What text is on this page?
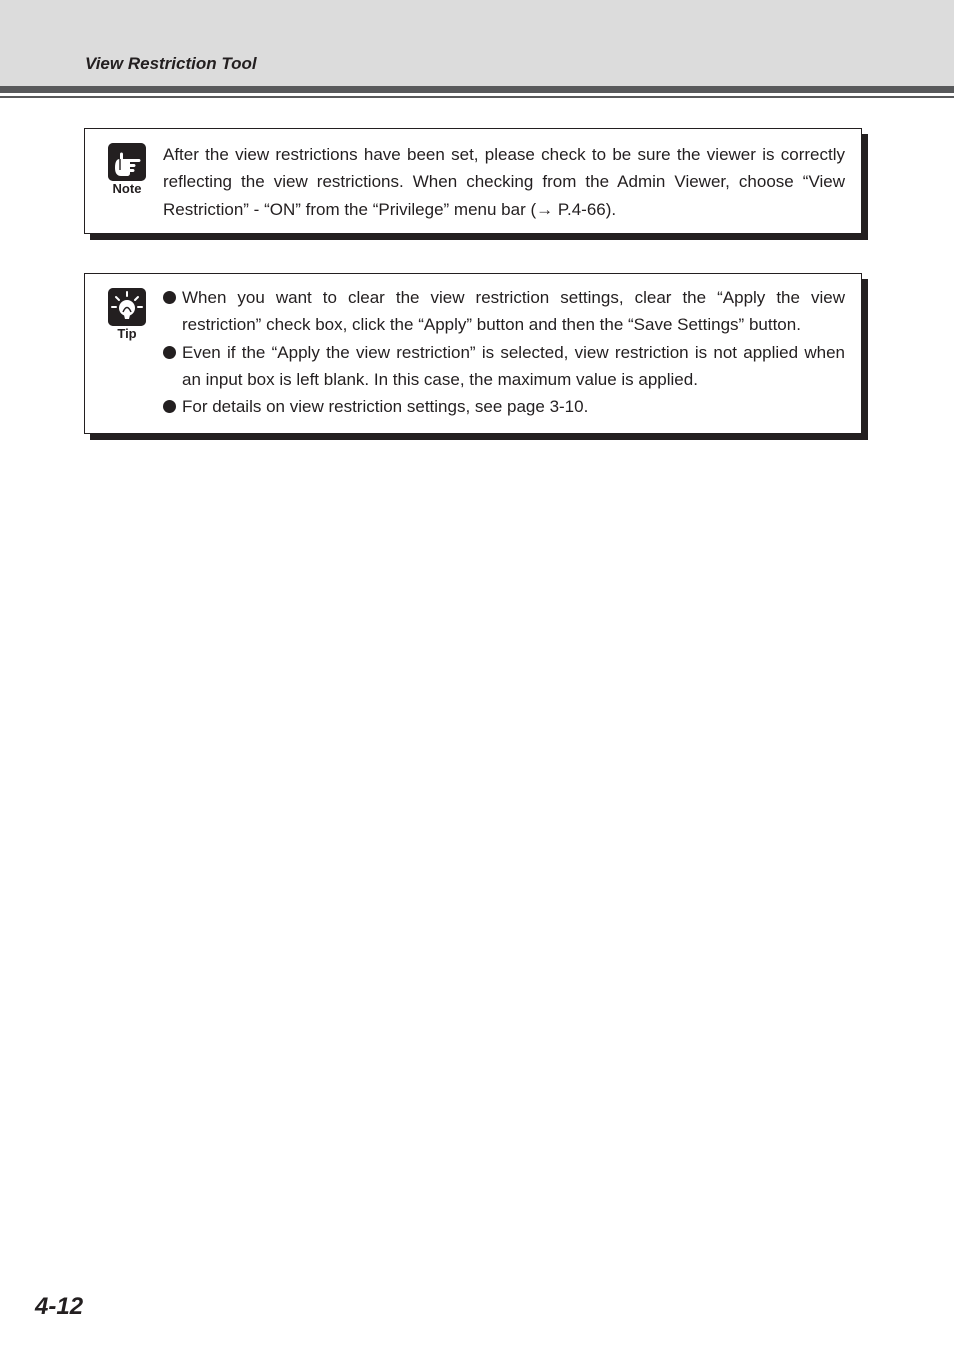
View Restriction Tool
Note
After the view restrictions have been set, please check to be sure the viewer is correctly reflecting the view restrictions. When checking from the Admin Viewer, choose “View Restriction” - “ON” from the “Privilege” menu bar (→ P.4-66).
Tip
When you want to clear the view restriction settings, clear the “Apply the view restriction” check box, click the “Apply” button and then the “Save Settings” button.
Even if the “Apply the view restriction” is selected, view restriction is not applied when an input box is left blank. In this case, the maximum value is applied.
For details on view restriction settings, see page 3-10.
4-12
